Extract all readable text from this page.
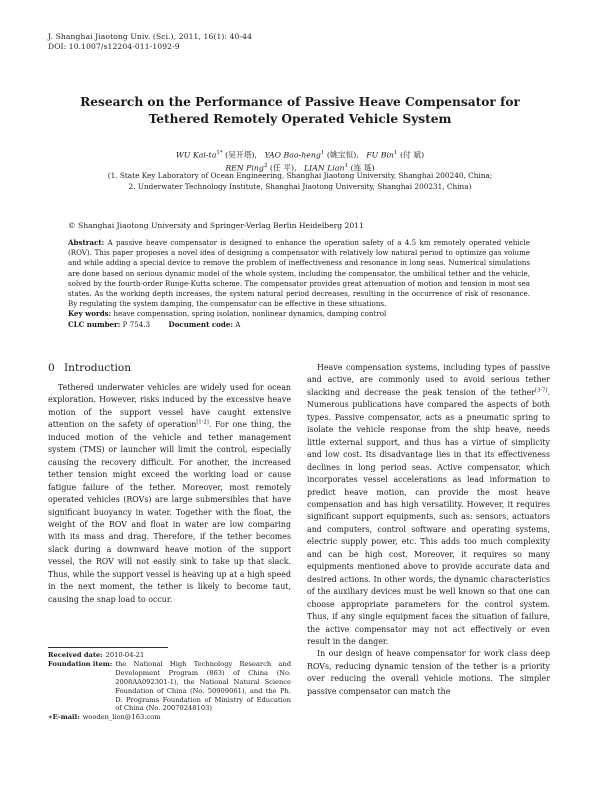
J. Shanghai Jiaotong Univ. (Sci.), 2011, 16(1): 40-44
DOI: 10.1007/s12204-011-1092-9
Research on the Performance of Passive Heave Compensator for
Tethered Remotely Operated Vehicle System
WU Kai-$ta^{1*}$ (吴开塔), YAO Bao-heng$^1$ (姚宝恒), FU Bin$^1$ (付 斌)
REN Ping$^2$ (任 平), LIAN Lian$^1$ (连 琏)
(1. State Key Laboratory of Ocean Engineering, Shanghai Jiaotong University, Shanghai 200240, China;
2. Underwater Technology Institute, Shanghai Jiaotong University, Shanghai 200231, China)
© Shanghai Jiaotong University and Springer-Verlag Berlin Heidelberg 2011
Abstract: A passive heave compensator is designed to enhance the operation safety of a 4.5 km remotely operated vehicle (ROV). This paper proposes a novel idea of designing a compensator with relatively low natural period to optimize gas volume and while adding a special device to remove the problem of ineffectiveness and resonance in long seas. Numerical simulations are done based on serious dynamic model of the whole system, including the compensator, the umbilical tether and the vehicle, solved by the fourth-order Runge-Kutta scheme. The compensator provides great attenuation of motion and tension in most sea states. As the working depth increases, the system natural period decreases, resulting in the occurrence of risk of resonance. By regulating the system damping, the compensator can be effective in these situations.
Key words: heave compensation, spring isolation, nonlinear dynamics, damping control
CLC number: P 754.3	Document code: A
0 Introduction

Tethered underwater vehicles are widely used for ocean exploration. However, risks induced by the excessive heave motion of the support vessel have caught extensive attention on the safety of operation[1-2]. For one thing, the induced motion of the vehicle and tether management system (TMS) or launcher will limit the control, especially causing the recovery difficult. For another, the increased tether tension might exceed the working load or cause fatigue failure of the tether. Moreover, most remotely operated vehicles (ROVs) are large submersibles that have significant buoyancy in water. Together with the float, the weight of the ROV and float in water are low comparing with its mass and drag. Therefore, if the tether becomes slack during a downward heave motion of the support vessel, the ROV will not easily sink to take up that slack. Thus, while the support vessel is heaving up at a high speed in the next moment, the tether is likely to become taut, causing the snap load to occur.

Received date: 2010-04-21
Foundation item: the National High Technology Research and Development Program (863) of China (No. 2008AA092301-1), the National Natural Science Foundation of China (No. 50909061), and the Ph. D. Programs Foundation of Ministry of Education of China (No. 20070248103)
∗E-mail: wooden_lion@163.com

Heave compensation systems, including types of passive and active, are commonly used to avoid serious tether slacking and decrease the peak tension of the tether[3-7]. Numerous publications have compared the aspects of both types. Passive compensator, acts as a pneumatic spring to isolate the vehicle response from the ship heave, needs little external support, and thus has a virtue of simplicity and low cost. Its disadvantage lies in that its effectiveness declines in long period seas. Active compensator, which incorporates vessel accelerations as lead information to predict heave motion, can provide the most heave compensation and has high versatility. However, it requires significant support equipments, such as: sensors, actuators and computers, control software and operating systems, electric supply power, etc. This adds too much complexity and can be high cost. Moreover, it requires so many equipments mentioned above to provide accurate data and desired actions. In other words, the dynamic characteristics of the auxiliary devices must be well known so that one can choose appropriate parameters for the control system. Thus, if any single equipment faces the situation of failure, the active compensator may not act effectively or even result in the danger.

In our design of heave compensator for work class deep ROVs, reducing dynamic tension of the tether is a priority over reducing the overall vehicle motions. The simpler passive compensator can match the
